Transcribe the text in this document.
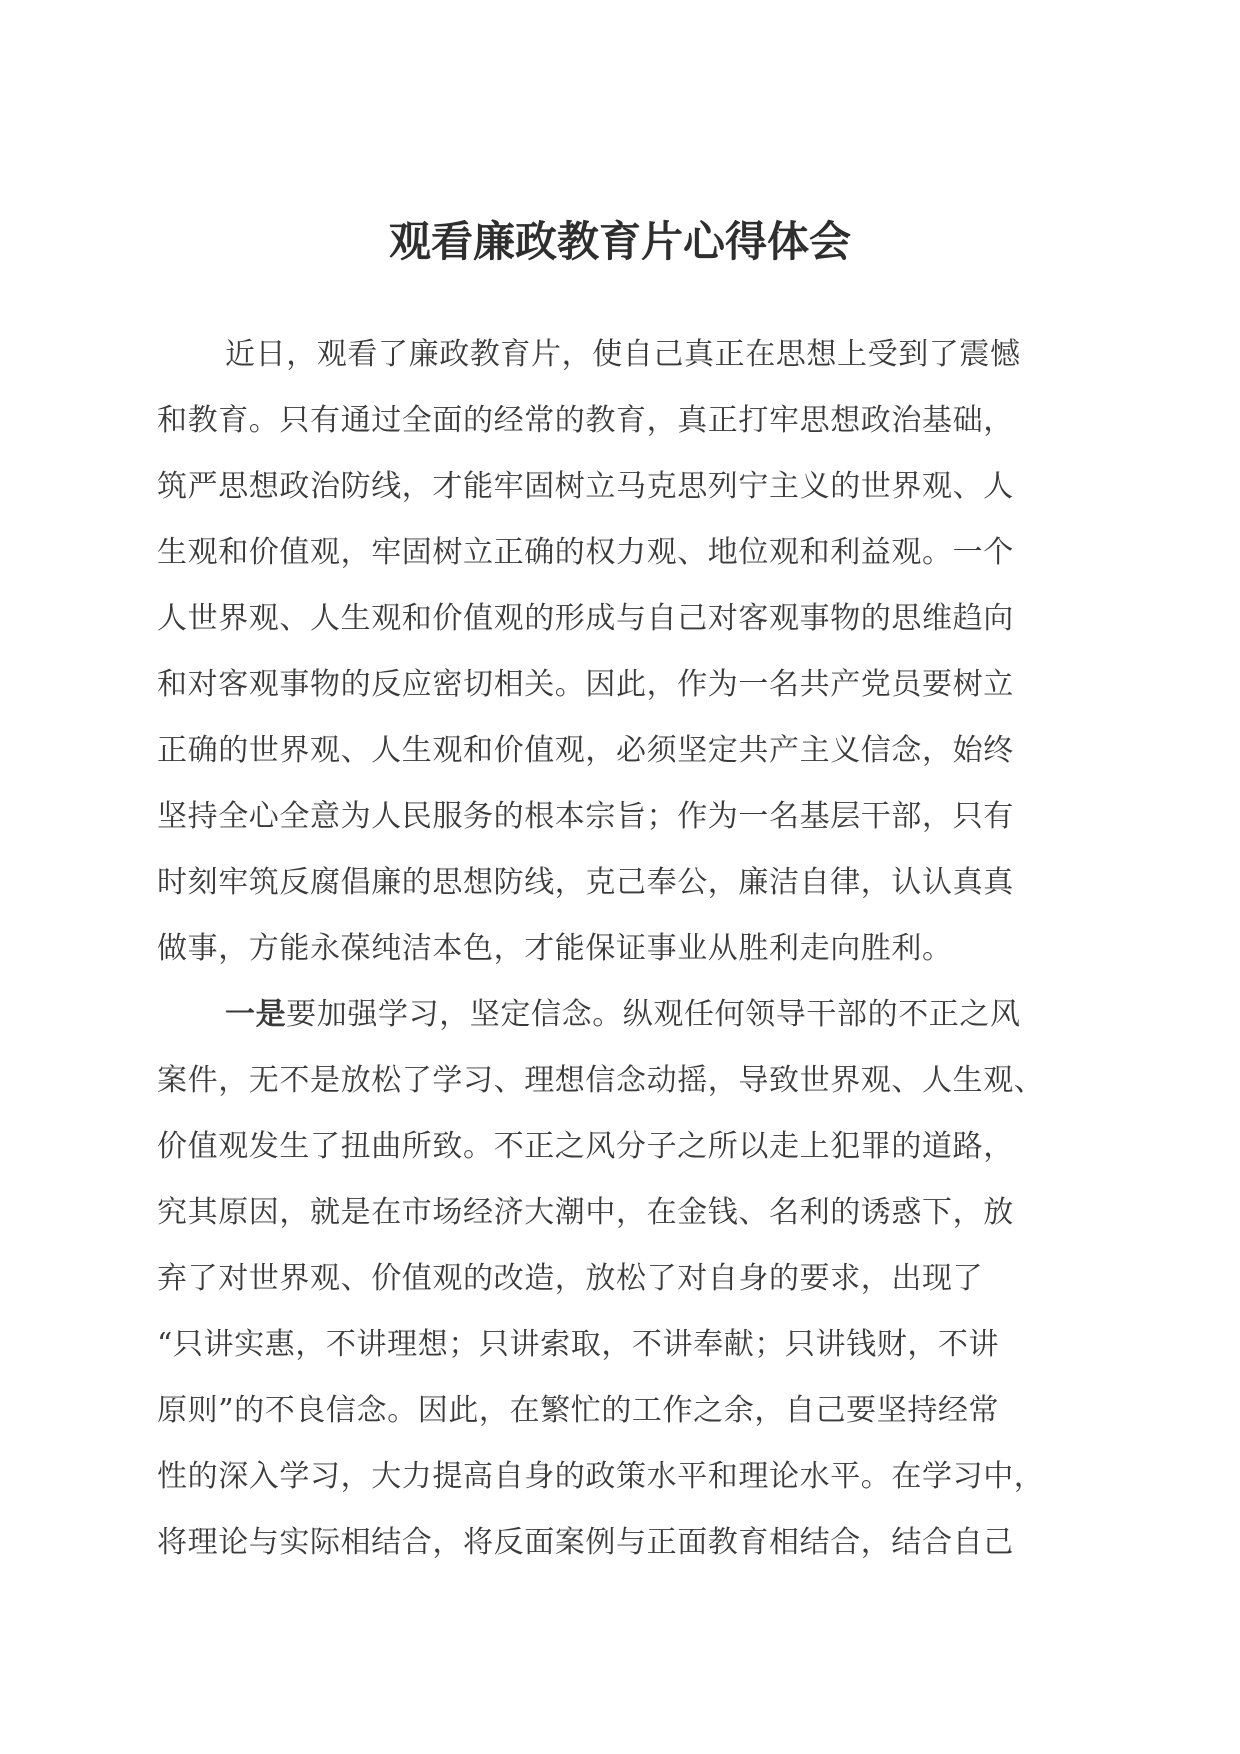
观看廉政教育片心得体会
近日，观看了廉政教育片，使自己真正在思想上受到了震憾
和教育。只有通过全面的经常的教育，真正打牢思想政治基础，
筑严思想政治防线，才能牢固树立马克思列宁主义的世界观、人
生观和价值观，牢固树立正确的权力观、地位观和利益观。一个
人世界观、人生观和价值观的形成与自己对客观事物的思维趋向
和对客观事物的反应密切相关。因此，作为一名共产党员要树立
正确的世界观、人生观和价值观，必须坚定共产主义信念，始终
坚持全心全意为人民服务的根本宗旨；作为一名基层干部，只有
时刻牢筑反腐倡廉的思想防线，克己奉公，廉洁自律，认认真真
做事，方能永葆纯洁本色，才能保证事业从胜利走向胜利。
一是要加强学习，坚定信念。纵观任何领导干部的不正之风
案件，无不是放松了学习、理想信念动摇，导致世界观、人生观、
价值观发生了扭曲所致。不正之风分子之所以走上犯罪的道路，
究其原因，就是在市场经济大潮中，在金钱、名利的诱惑下，放
弃了对世界观、价值观的改造，放松了对自身的要求，出现了
“只讲实惠，不讲理想；只讲索取，不讲奉献；只讲钱财，不讲
原则”的不良信念。因此，在繁忙的工作之余，自己要坚持经常
性的深入学习，大力提高自身的政策水平和理论水平。在学习中，
将理论与实际相结合，将反面案例与正面教育相结合，结合自己
